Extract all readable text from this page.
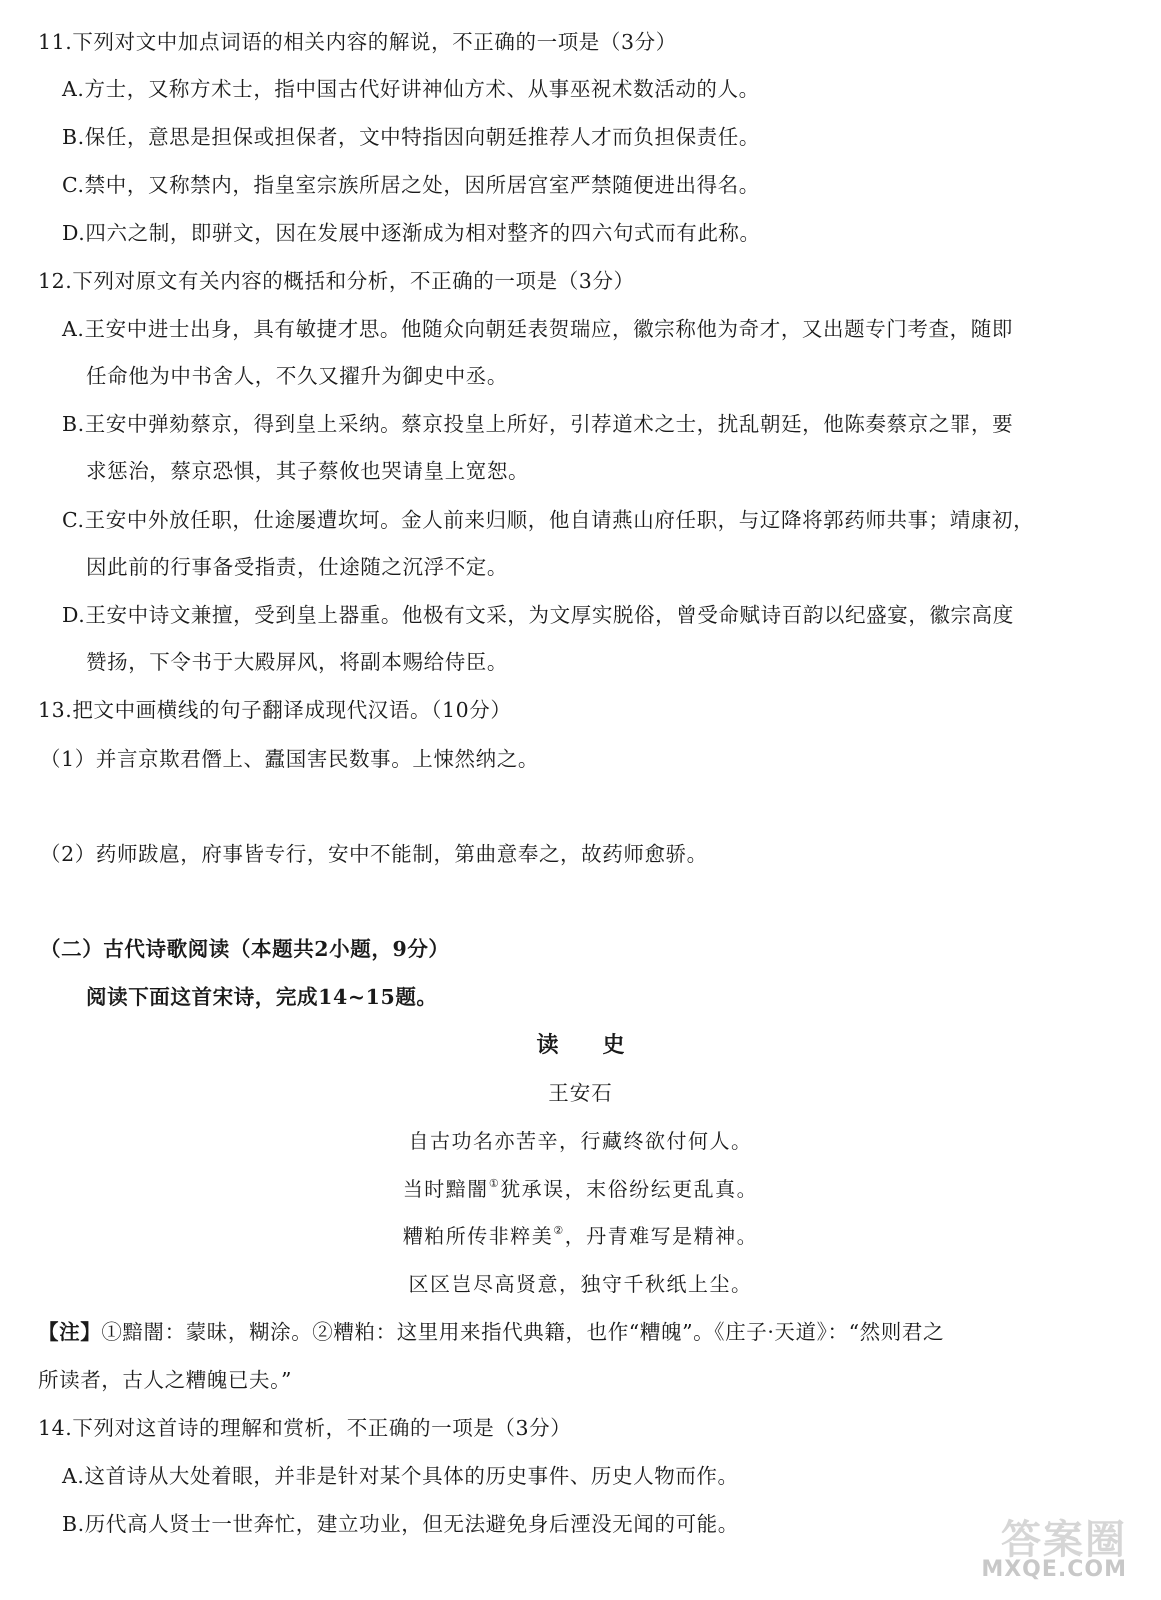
11.下列对文中加点词语的相关内容的解说，不正确的一项是（3分）
A.方士，又称方术士，指中国古代好讲神仙方术、从事巫祝术数活动的人。
B.保任，意思是担保或担保者，文中特指因向朝廷推荐人才而负担保责任。
C.禁中，又称禁内，指皇室宗族所居之处，因所居宫室严禁随便进出得名。
D.四六之制，即骈文，因在发展中逐渐成为相对整齐的四六句式而有此称。
12.下列对原文有关内容的概括和分析，不正确的一项是（3分）
A.王安中进士出身，具有敏捷才思。他随众向朝廷表贺瑞应，徽宗称他为奇才，又出题专门考查，随即
任命他为中书舍人，不久又擢升为御史中丞。
B.王安中弹劾蔡京，得到皇上采纳。蔡京投皇上所好，引荐道术之士，扰乱朝廷，他陈奏蔡京之罪，要
求惩治，蔡京恐惧，其子蔡攸也哭请皇上宽恕。
C.王安中外放任职，仕途屡遭坎坷。金人前来归顺，他自请燕山府任职，与辽降将郭药师共事；靖康初，
因此前的行事备受指责，仕途随之沉浮不定。
D.王安中诗文兼擅，受到皇上器重。他极有文采，为文厚实脱俗，曾受命赋诗百韵以纪盛宴，徽宗高度
赞扬，下令书于大殿屏风，将副本赐给侍臣。
13.把文中画横线的句子翻译成现代汉语。（10分）
（1）并言京欺君僭上、蠹国害民数事。上悚然纳之。
（2）药师跋扈，府事皆专行，安中不能制，第曲意奉之，故药师愈骄。
（二）古代诗歌阅读（本题共2小题，9分）
阅读下面这首宋诗，完成14~15题。
读 史
王安石
自古功名亦苦辛，行藏终欲付何人。
当时黯闇①犹承误，末俗纷纭更乱真。
糟粕所传非粹美②，丹青难写是精神。
区区岂尽高贤意，独守千秋纸上尘。
【注】①黯闇：蒙昧，糊涂。②糟粕：这里用来指代典籍，也作“糟魄”。《庄子·天道》：“然则君之
所读者，古人之糟魄已夫。”
14.下列对这首诗的理解和赏析，不正确的一项是（3分）
A.这首诗从大处着眼，并非是针对某个具体的历史事件、历史人物而作。
B.历代高人贤士一世奔忙，建立功业，但无法避免身后湮没无闻的可能。	答案圈
MXQE.COM
